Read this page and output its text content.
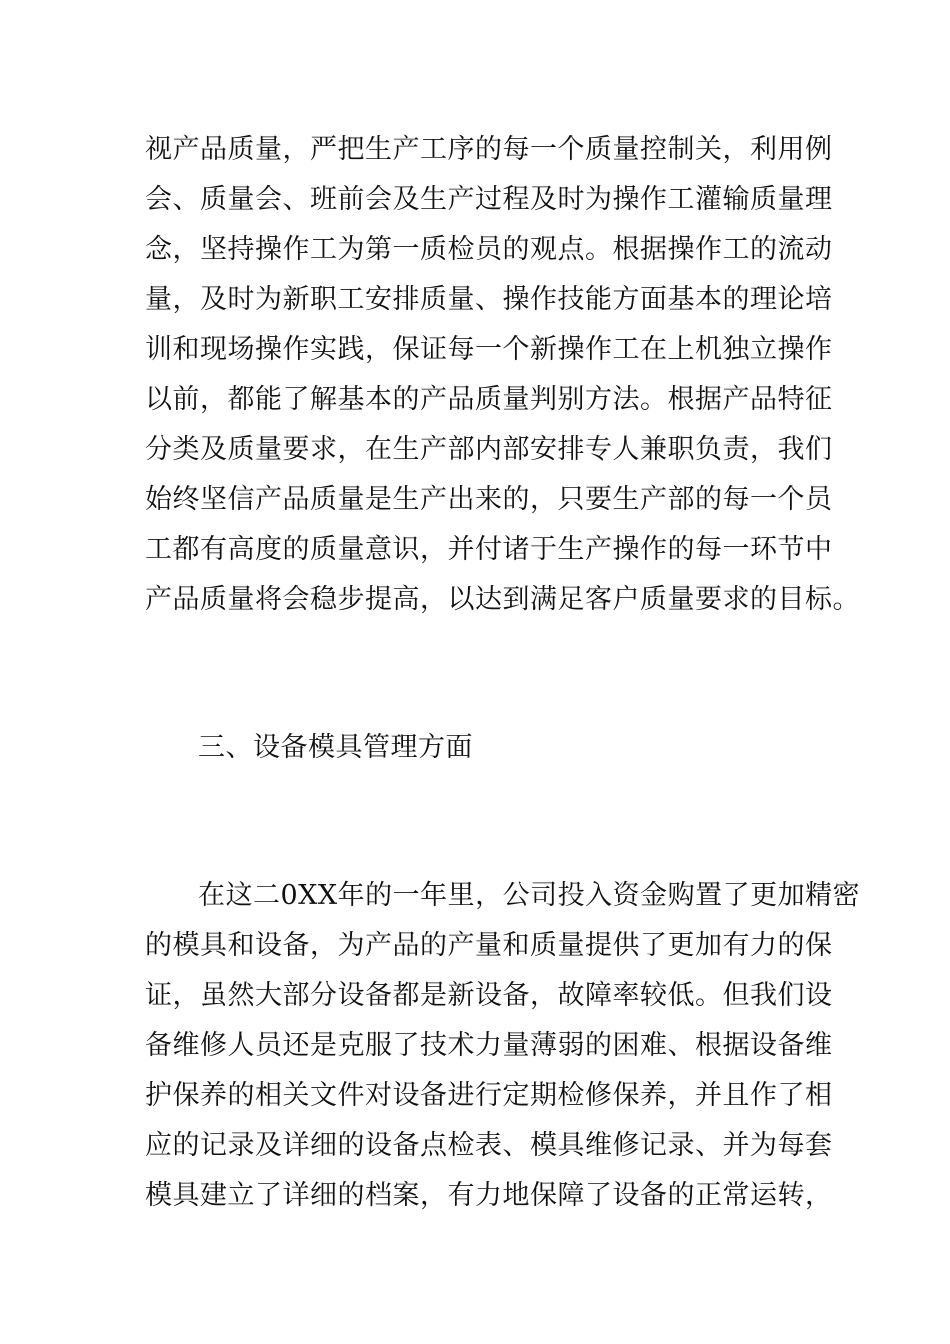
视产品质量，严把生产工序的每一个质量控制关，利用例
会、质量会、班前会及生产过程及时为操作工灌输质量理
念，坚持操作工为第一质检员的观点。根据操作工的流动
量，及时为新职工安排质量、操作技能方面基本的理论培
训和现场操作实践，保证每一个新操作工在上机独立操作
以前，都能了解基本的产品质量判别方法。根据产品特征
分类及质量要求，在生产部内部安排专人兼职负责，我们
始终坚信产品质量是生产出来的，只要生产部的每一个员
工都有高度的质量意识，并付诸于生产操作的每一环节中
产品质量将会稳步提高，以达到满足客户质量要求的目标。
三、设备模具管理方面
在这二0XX年的一年里，公司投入资金购置了更加精密
的模具和设备，为产品的产量和质量提供了更加有力的保
证，虽然大部分设备都是新设备，故障率较低。但我们设
备维修人员还是克服了技术力量薄弱的困难、根据设备维
护保养的相关文件对设备进行定期检修保养，并且作了相
应的记录及详细的设备点检表、模具维修记录、并为每套
模具建立了详细的档案，有力地保障了设备的正常运转，
